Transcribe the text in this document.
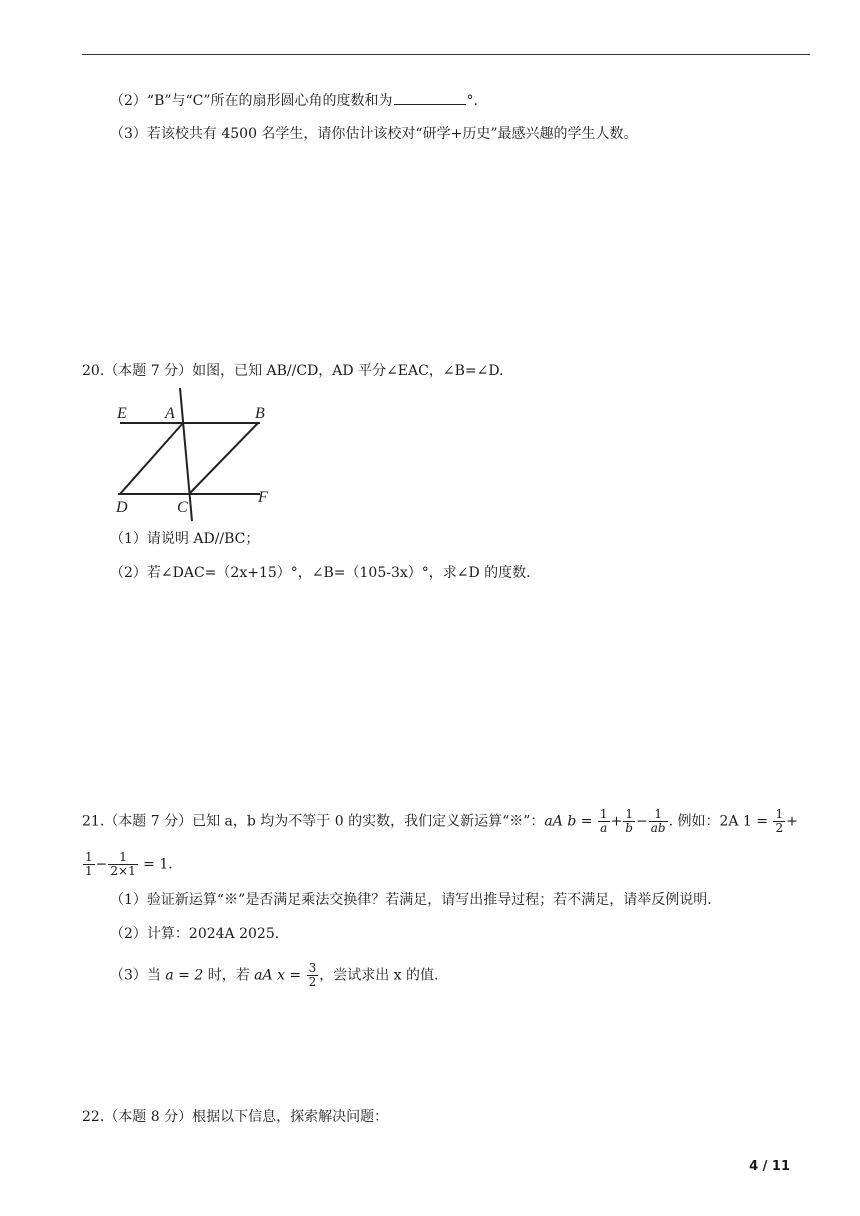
（2）“B”与“C”所在的扇形圆心角的度数和为	°.
（3）若该校共有 4500 名学生，请你估计该校对“研学+历史”最感兴趣的学生人数。
20.（本题 7 分）如图，已知 AB//CD，AD 平分∠EAC，∠B=∠D.
E A	B
D	C
F
（1）请说明 AD//BC；
（2）若∠DAC=（2x+15）°，∠B=（105-3x）°，求∠D 的度数.
21.（本题 7 分）已知 a，b 均为不等于 0 的实数，我们定义新运算“※”：aA $b = \frac{1}{a} + \frac{1}{b} - \frac{1}{ab}$ . 例如：2A $1 = \frac{1}{2}$ +
$\frac{1}{1} - \frac{1}{2\times 1} = 1$．
（1）验证新运算“※”是否满足乘法交换律？若满足，请写出推导过程；若不满足，请举反例说明.
（2）计算：2024A 2025.
（3）当 a = 2 时，若 aA $x = \frac{3}{2}$ ，尝试求出 x 的值.
22.（本题 8 分）根据以下信息，探索解决问题：
4 / 11
